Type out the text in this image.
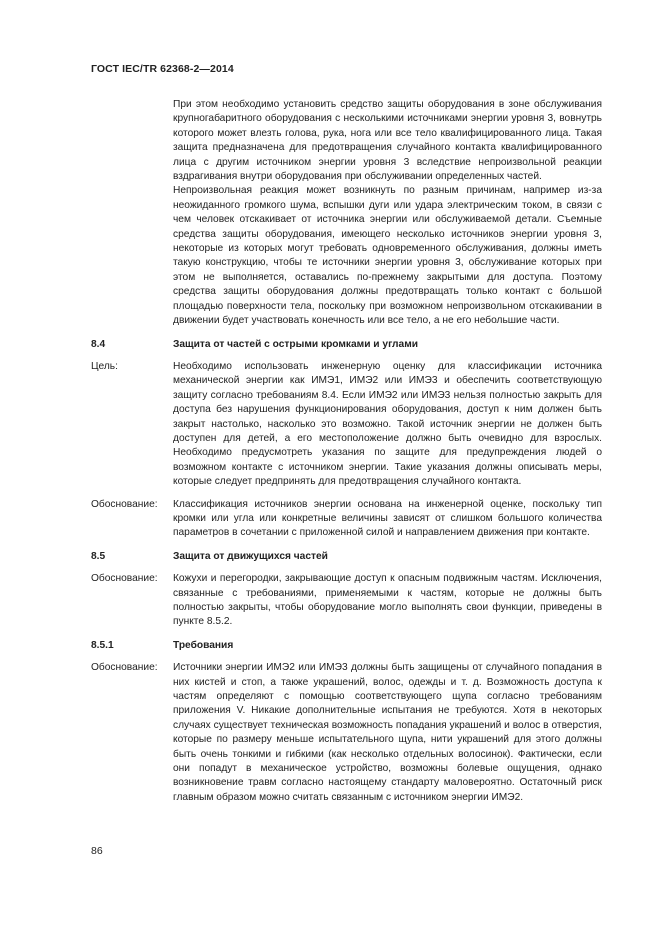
ГОСТ IEC/TR 62368-2—2014

При этом необходимо установить средство защиты оборудования в зоне обслуживания крупногабаритного оборудования с несколькими источниками энергии уровня 3, вовнутрь которого может влезть голова, рука, нога или все тело квалифицированного лица. Такая защита предназначена для предотвращения случайного контакта квалифицированного лица с другим источником энергии уровня 3 вследствие непроизвольной реакции вздрагивания внутри оборудования при обслуживании определенных частей.

Непроизвольная реакция может возникнуть по разным причинам, например из-за неожиданного громкого шума, вспышки дуги или удара электрическим током, в связи с чем человек отскакивает от источника энергии или обслуживаемой детали. Съемные средства защиты оборудования, имеющего несколько источников энергии уровня 3, некоторые из которых могут требовать одновременного обслуживания, должны иметь такую конструкцию, чтобы те источники энергии уровня 3, обслуживание которых при этом не выполняется, оставались по-прежнему закрытыми для доступа. Поэтому средства защиты оборудования должны предотвращать только контакт с большой площадью поверхности тела, поскольку при возможном непроизвольном отскакивании в движении будет участвовать конечность или все тело, а не его небольшие части.

8.4	Защита от частей с острыми кромками и углами
Цель:	Необходимо использовать инженерную оценку для классификации источника механической энергии как ИМЭ1, ИМЭ2 или ИМЭ3 и обеспечить соответствующую защиту согласно требованиям 8.4. Если ИМЭ2 или ИМЭ3 нельзя полностью закрыть для доступа без нарушения функционирования оборудования, доступ к ним должен быть закрыт настолько, насколько это возможно. Такой источник энергии не должен быть доступен для детей, а его местоположение должно быть очевидно для взрослых. Необходимо предусмотреть указания по защите для предупреждения людей о возможном контакте с источником энергии. Такие указания должны описывать меры, которые следует предпринять для предотвращения случайного контакта.
Обоснование:	Классификация источников энергии основана на инженерной оценке, поскольку тип кромки или угла или конкретные величины зависят от слишком большого количества параметров в сочетании с приложенной силой и направлением движения при контакте.
8.5	Защита от движущихся частей
Обоснование:	Кожухи и перегородки, закрывающие доступ к опасным подвижным частям. Исключения, связанные с требованиями, применяемыми к частям, которые не должны быть полностью закрыты, чтобы оборудование могло выполнять свои функции, приведены в пункте 8.5.2.
8.5.1	Требования
Обоснование:	Источники энергии ИМЭ2 или ИМЭ3 должны быть защищены от случайного попадания в них кистей и стоп, а также украшений, волос, одежды и т. д. Возможность доступа к частям определяют с помощью соответствующего щупа согласно требованиям приложения V. Никакие дополнительные испытания не требуются. Хотя в некоторых случаях существует техническая возможность попадания украшений и волос в отверстия, которые по размеру меньше испытательного щупа, нити украшений для этого должны быть очень тонкими и гибкими (как несколько отдельных волосинок). Фактически, если они попадут в механическое устройство, возможны болевые ощущения, однако возникновение травм согласно настоящему стандарту маловероятно. Остаточный риск главным образом можно считать связанным с источником энергии ИМЭ2.
86
